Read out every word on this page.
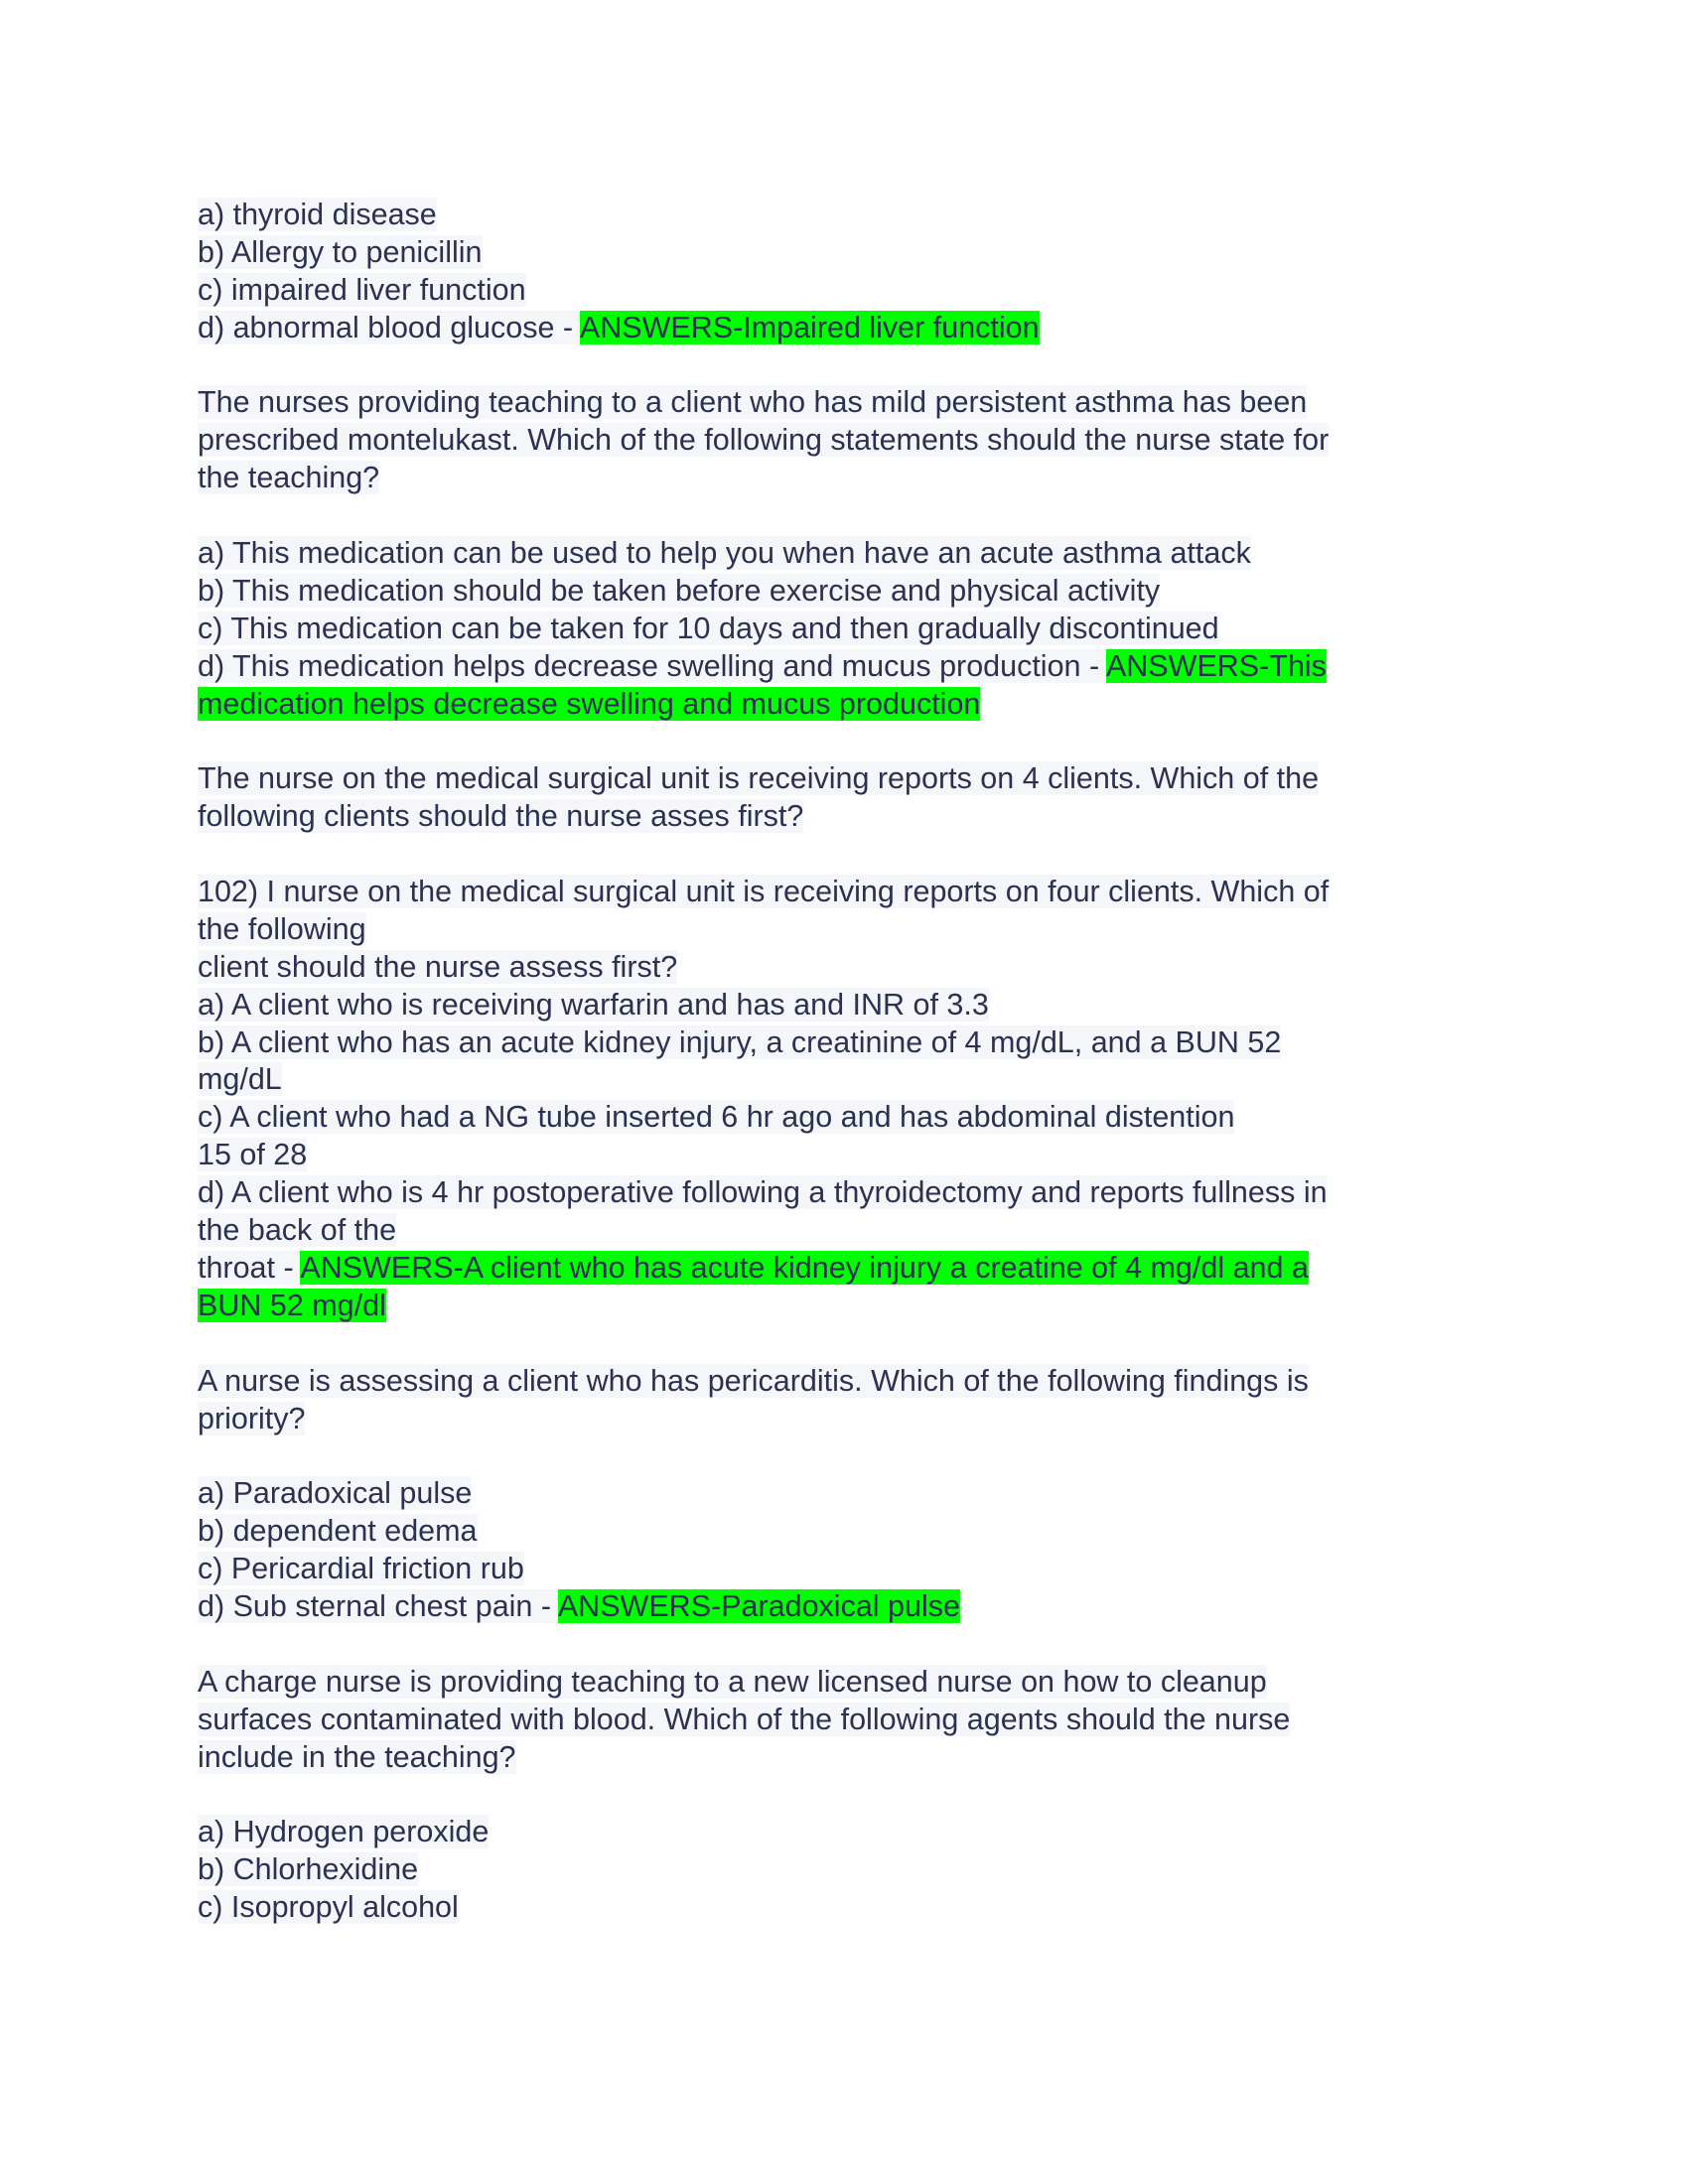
a) thyroid disease
b) Allergy to penicillin
c) impaired liver function
d) abnormal blood glucose - ANSWERS-Impaired liver function
The nurses providing teaching to a client who has mild persistent asthma has been
prescribed montelukast. Which of the following statements should the nurse state for
the teaching?
a) This medication can be used to help you when have an acute asthma attack
b) This medication should be taken before exercise and physical activity
c) This medication can be taken for 10 days and then gradually discontinued
d) This medication helps decrease swelling and mucus production - ANSWERS-This
medication helps decrease swelling and mucus production
The nurse on the medical surgical unit is receiving reports on 4 clients. Which of the
following clients should the nurse asses first?
102) I nurse on the medical surgical unit is receiving reports on four clients. Which of
the following
client should the nurse assess first?
a) A client who is receiving warfarin and has and INR of 3.3
b) A client who has an acute kidney injury, a creatinine of 4 mg/dL, and a BUN 52
mg/dL
c) A client who had a NG tube inserted 6 hr ago and has abdominal distention
15 of 28
d) A client who is 4 hr postoperative following a thyroidectomy and reports fullness in
the back of the
throat - ANSWERS-A client who has acute kidney injury a creatine of 4 mg/dl and a
BUN 52 mg/dl
A nurse is assessing a client who has pericarditis. Which of the following findings is
priority?
a) Paradoxical pulse
b) dependent edema
c) Pericardial friction rub
d) Sub sternal chest pain - ANSWERS-Paradoxical pulse
A charge nurse is providing teaching to a new licensed nurse on how to cleanup
surfaces contaminated with blood. Which of the following agents should the nurse
include in the teaching?
a) Hydrogen peroxide
b) Chlorhexidine
c) Isopropyl alcohol
